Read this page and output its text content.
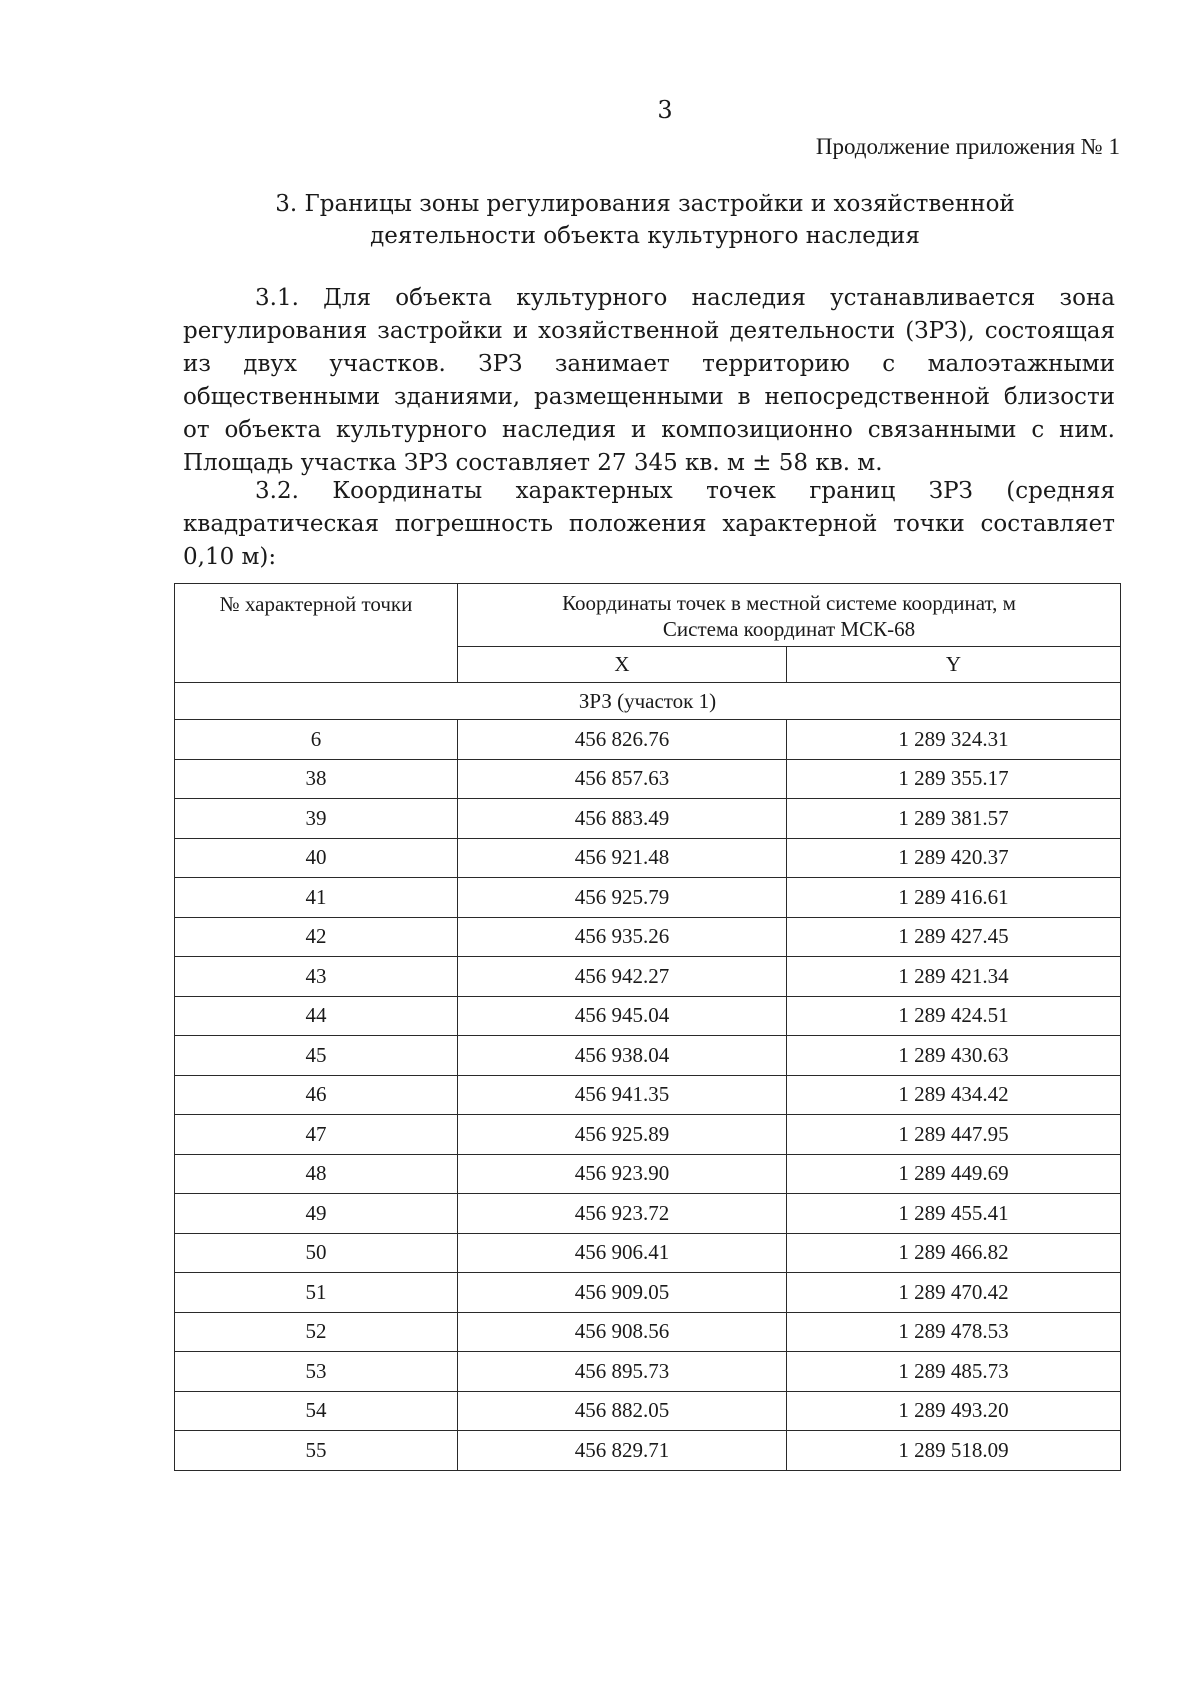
3
Продолжение приложения № 1
3. Границы зоны регулирования застройки и хозяйственной
деятельности объекта культурного наследия
3.1. Для объекта культурного наследия устанавливается зона регулирования застройки и хозяйственной деятельности (ЗРЗ), состоящая из двух участков. ЗРЗ занимает территорию с малоэтажными общественными зданиями, размещенными в непосредственной близости от объекта культурного наследия и композиционно связанными с ним. Площадь участка ЗРЗ составляет 27 345 кв. м ± 58 кв. м.
3.2. Координаты характерных точек границ ЗРЗ (средняя квадратическая погрешность положения характерной точки составляет 0,10 м):
№ характерной точки	Координаты точек в местной системе координат, м
Система координат МСК-68	

	X	Y
ЗРЗ (участок 1)		
6	456 826.76	1 289 324.31
38	456 857.63	1 289 355.17
39	456 883.49	1 289 381.57
40	456 921.48	1 289 420.37
41	456 925.79	1 289 416.61
42	456 935.26	1 289 427.45
43	456 942.27	1 289 421.34
44	456 945.04	1 289 424.51
45	456 938.04	1 289 430.63
46	456 941.35	1 289 434.42
47	456 925.89	1 289 447.95
48	456 923.90	1 289 449.69
49	456 923.72	1 289 455.41
50	456 906.41	1 289 466.82
51	456 909.05	1 289 470.42
52	456 908.56	1 289 478.53
53	456 895.73	1 289 485.73
54	456 882.05	1 289 493.20
55	456 829.71	1 289 518.09
